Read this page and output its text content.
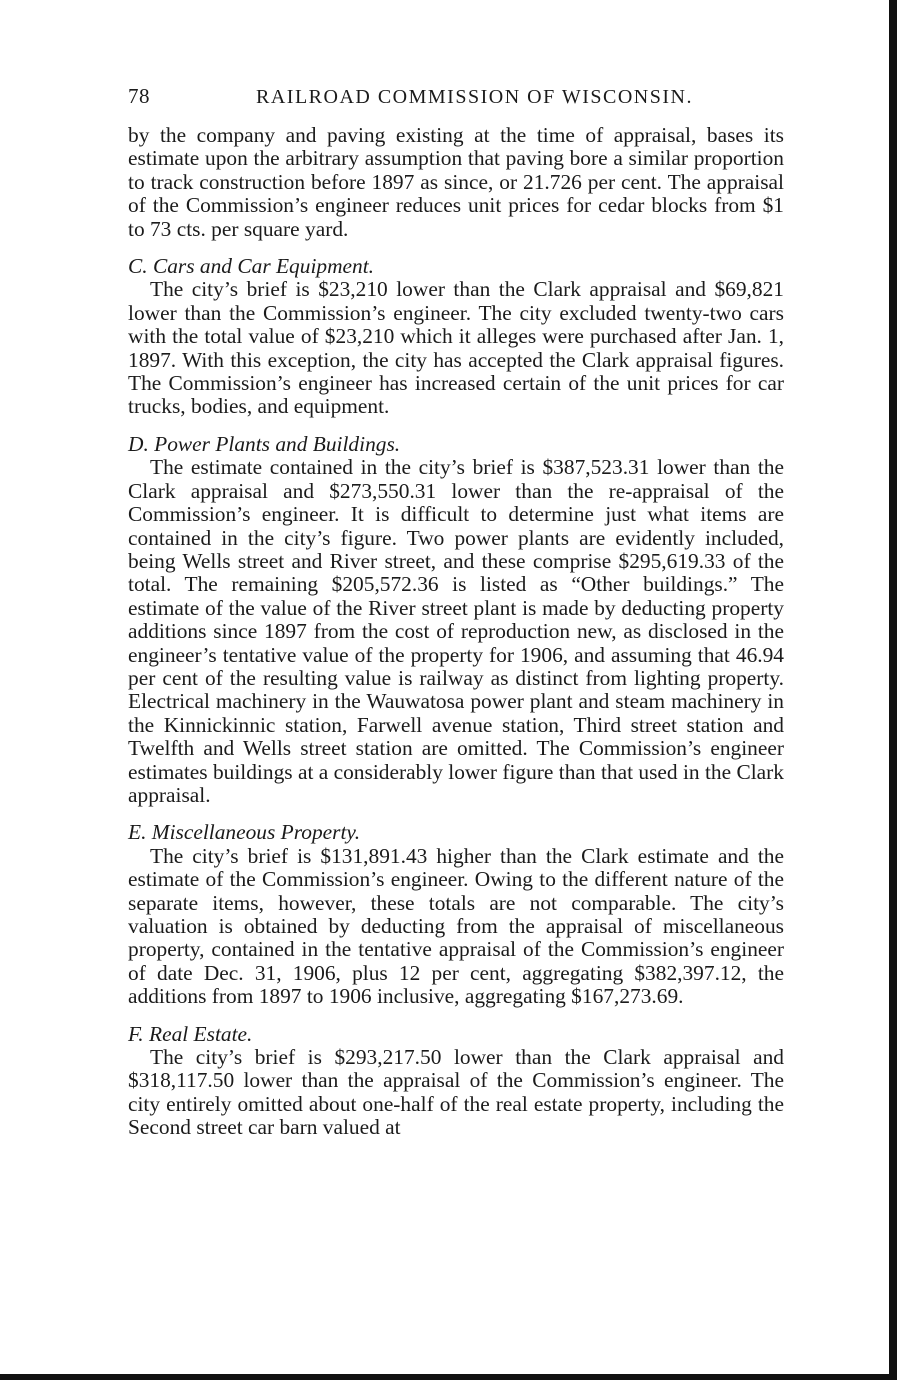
78	RAILROAD COMMISSION OF WISCONSIN.

by the company and paving existing at the time of appraisal, bases its estimate upon the arbitrary assumption that paving bore a similar proportion to track construction before 1897 as since, or 21.726 per cent. The appraisal of the Commission’s engineer reduces unit prices for cedar blocks from $1 to 73 cts. per square yard.

C. Cars and Car Equipment.

The city’s brief is $23,210 lower than the Clark appraisal and $69,821 lower than the Commission’s engineer. The city excluded twenty-two cars with the total value of $23,210 which it alleges were purchased after Jan. 1, 1897. With this exception, the city has accepted the Clark appraisal figures. The Commission’s engineer has increased certain of the unit prices for car trucks, bodies, and equipment.

D. Power Plants and Buildings.

The estimate contained in the city’s brief is $387,523.31 lower than the Clark appraisal and $273,550.31 lower than the re-appraisal of the Commission’s engineer. It is difficult to determine just what items are contained in the city’s figure. Two power plants are evidently included, being Wells street and River street, and these comprise $295,619.33 of the total. The remaining $205,572.36 is listed as “Other buildings.” The estimate of the value of the River street plant is made by deducting property additions since 1897 from the cost of reproduction new, as disclosed in the engineer’s tentative value of the property for 1906, and assuming that 46.94 per cent of the resulting value is railway as distinct from lighting property. Electrical machinery in the Wauwatosa power plant and steam machinery in the Kinnickinnic station, Farwell avenue station, Third street station and Twelfth and Wells street station are omitted. The Commission’s engineer estimates buildings at a considerably lower figure than that used in the Clark appraisal.

E. Miscellaneous Property.

The city’s brief is $131,891.43 higher than the Clark estimate and the estimate of the Commission’s engineer. Owing to the different nature of the separate items, however, these totals are not comparable. The city’s valuation is obtained by deducting from the appraisal of miscellaneous property, contained in the tentative appraisal of the Commission’s engineer of date Dec. 31, 1906, plus 12 per cent, aggregating $382,397.12, the additions from 1897 to 1906 inclusive, aggregating $167,273.69.

F. Real Estate.

The city’s brief is $293,217.50 lower than the Clark appraisal and $318,117.50 lower than the appraisal of the Commission’s engineer. The city entirely omitted about one-half of the real estate property, including the Second street car barn valued at
